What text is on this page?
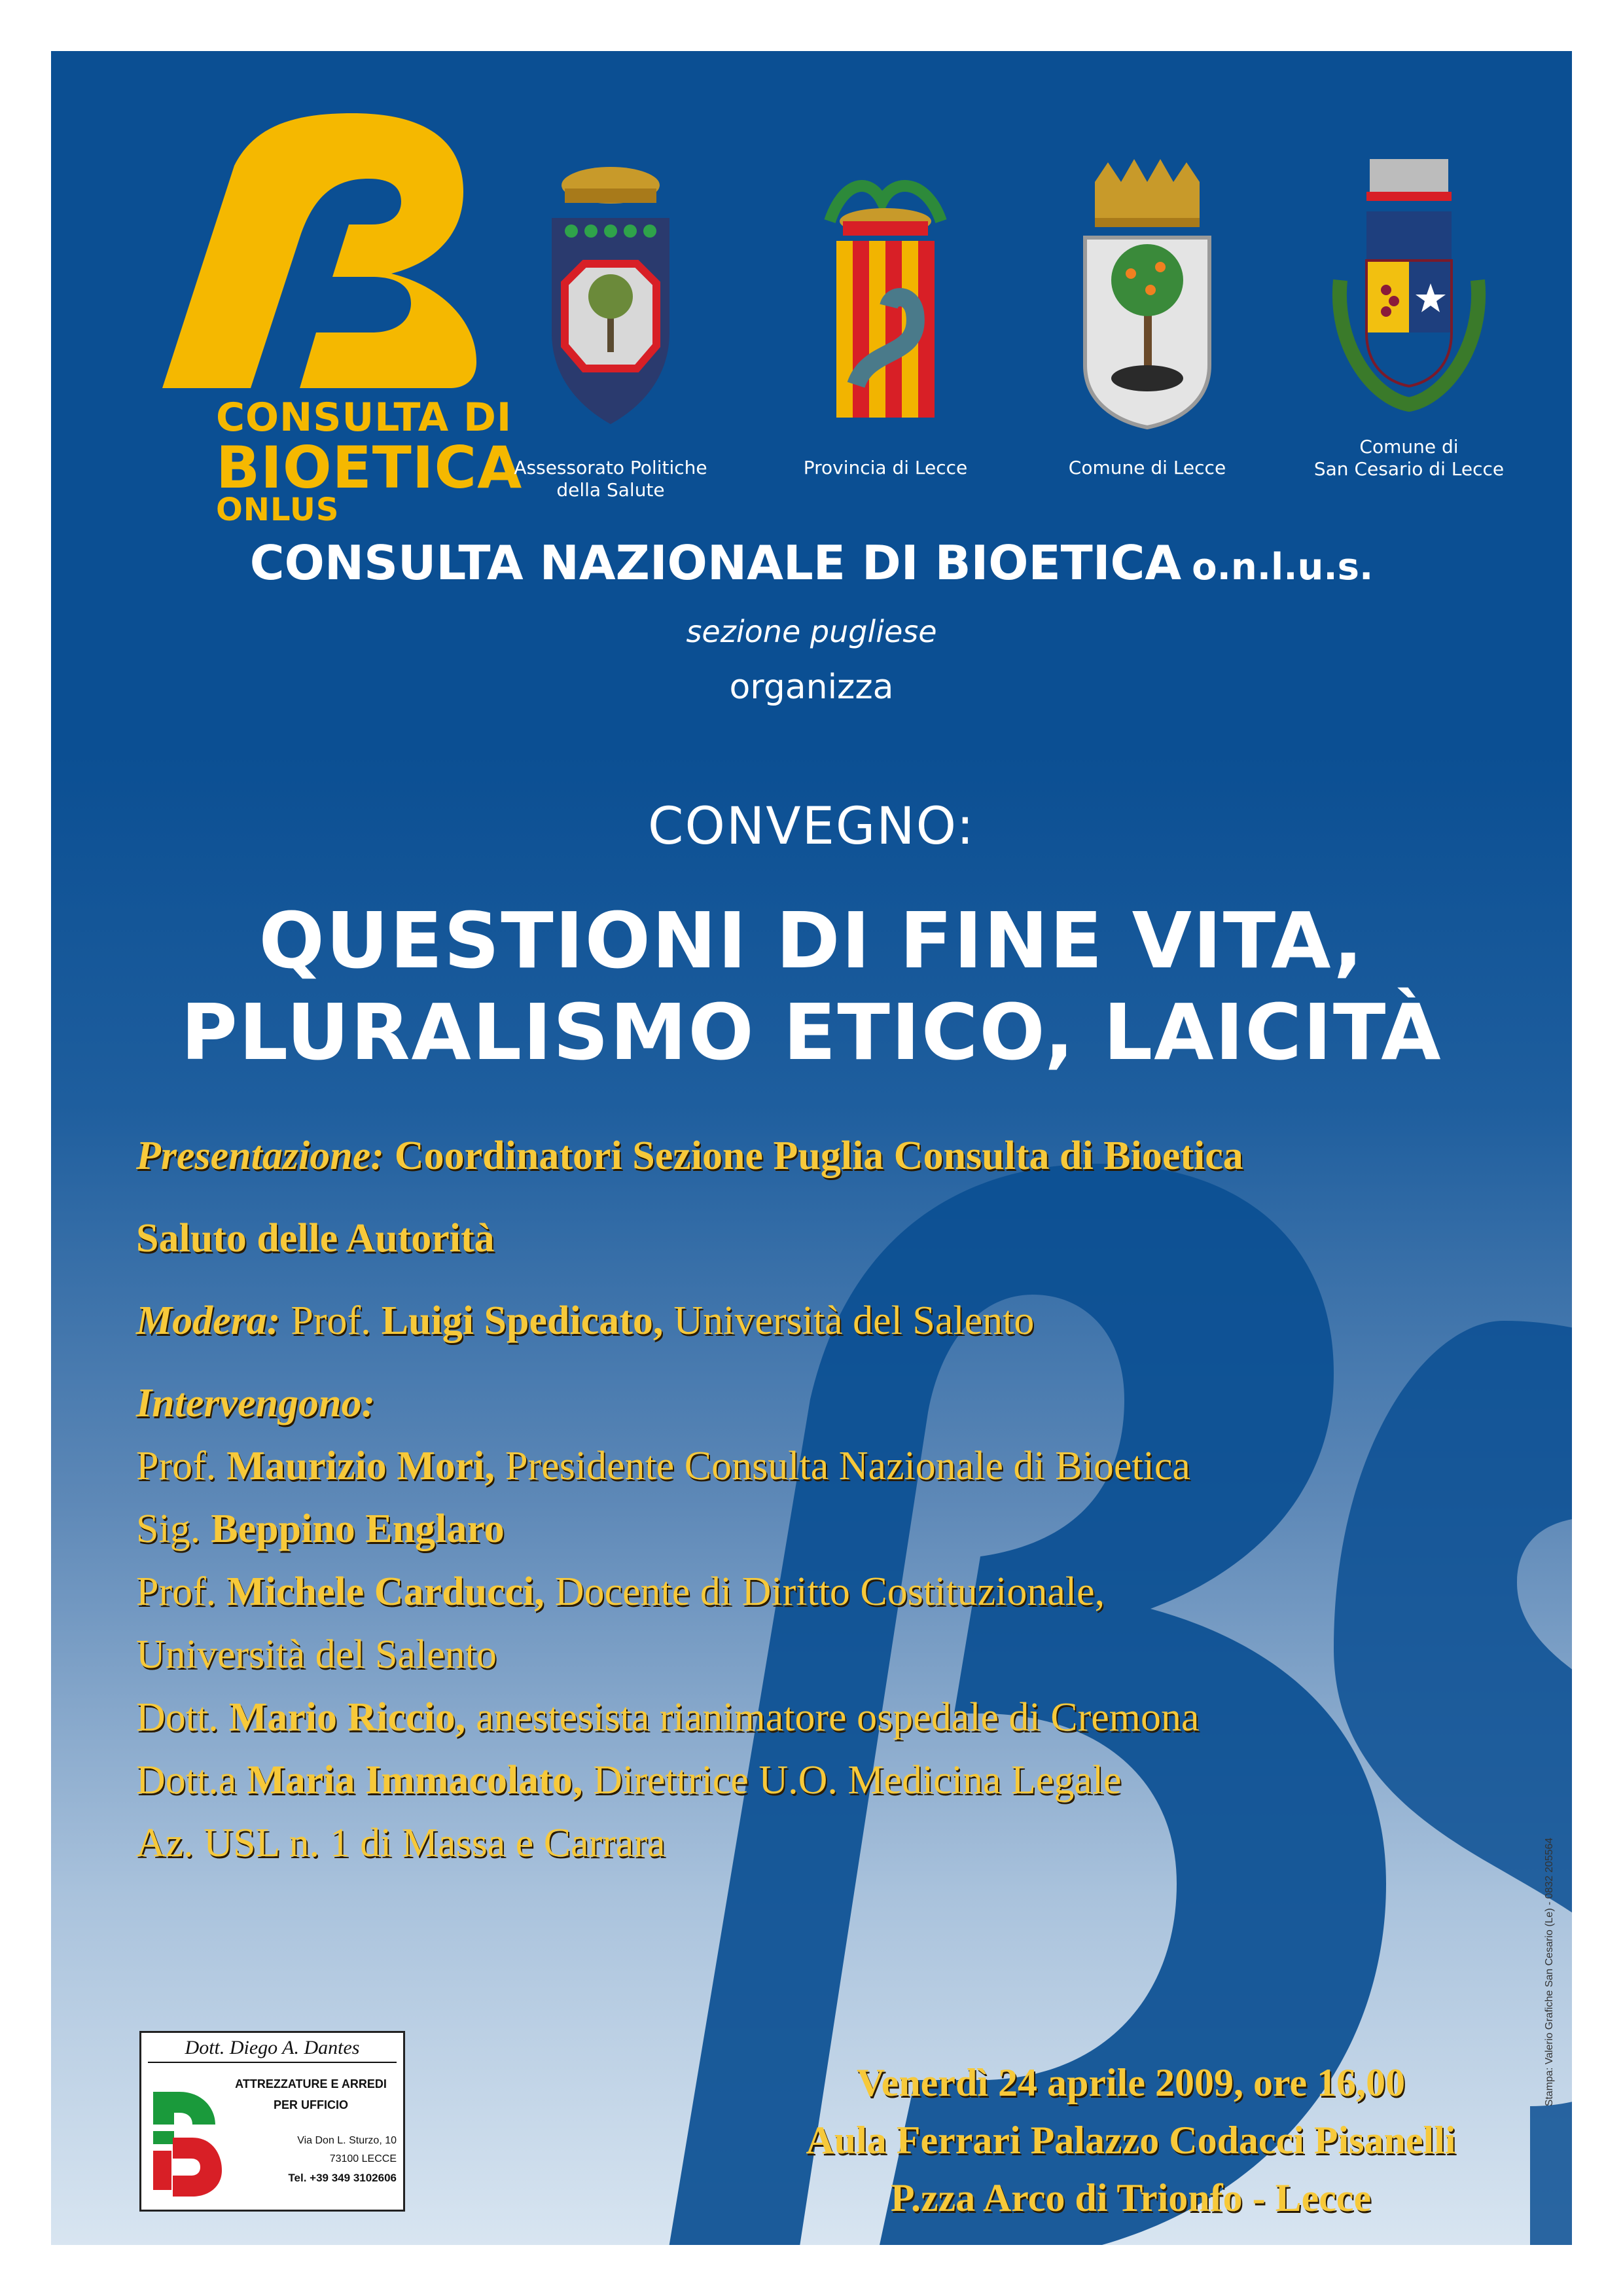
CONSULTA DI
BIOETICA
ONLUS
Assessorato Politiche
della Salute
Provincia di Lecce	Comune di Lecce
Comune di
San Cesario di Lecce
CONSULTA NAZIONALE DI BIOETICA o.n.l.u.s.
sezione pugliese
organizza
CONVEGNO:
QUESTIONI DI FINE VITA,
PLURALISMO ETICO, LAICITÀ
Presentazione: Coordinatori Sezione Puglia Consulta di Bioetica
Saluto delle Autorità
Modera: Prof. Luigi Spedicato, Università del Salento
Intervengono:
Prof. Maurizio Mori, Presidente Consulta Nazionale di Bioetica
Sig. Beppino Englaro
Prof. Michele Carducci, Docente di Diritto Costituzionale,
Università del Salento
Dott. Mario Riccio, anestesista rianimatore ospedale di Cremona
Dott.a Maria Immacolato, Direttrice U.O. Medicina Legale
Az. USL n. 1 di Massa e Carrara
Dott. Diego A. Dantes
ATTREZZATURE E ARREDI
PER UFFICIO
Via Don L. Sturzo, 10
73100 LECCE
Tel. +39 349 3102606
Venerdì 24 aprile 2009, ore 16,00
Aula Ferrari Palazzo Codacci Pisanelli
P.zza Arco di Trionfo - Lecce
Stampa: Valerio Grafiche San Cesario (Le) - 0832 205564
